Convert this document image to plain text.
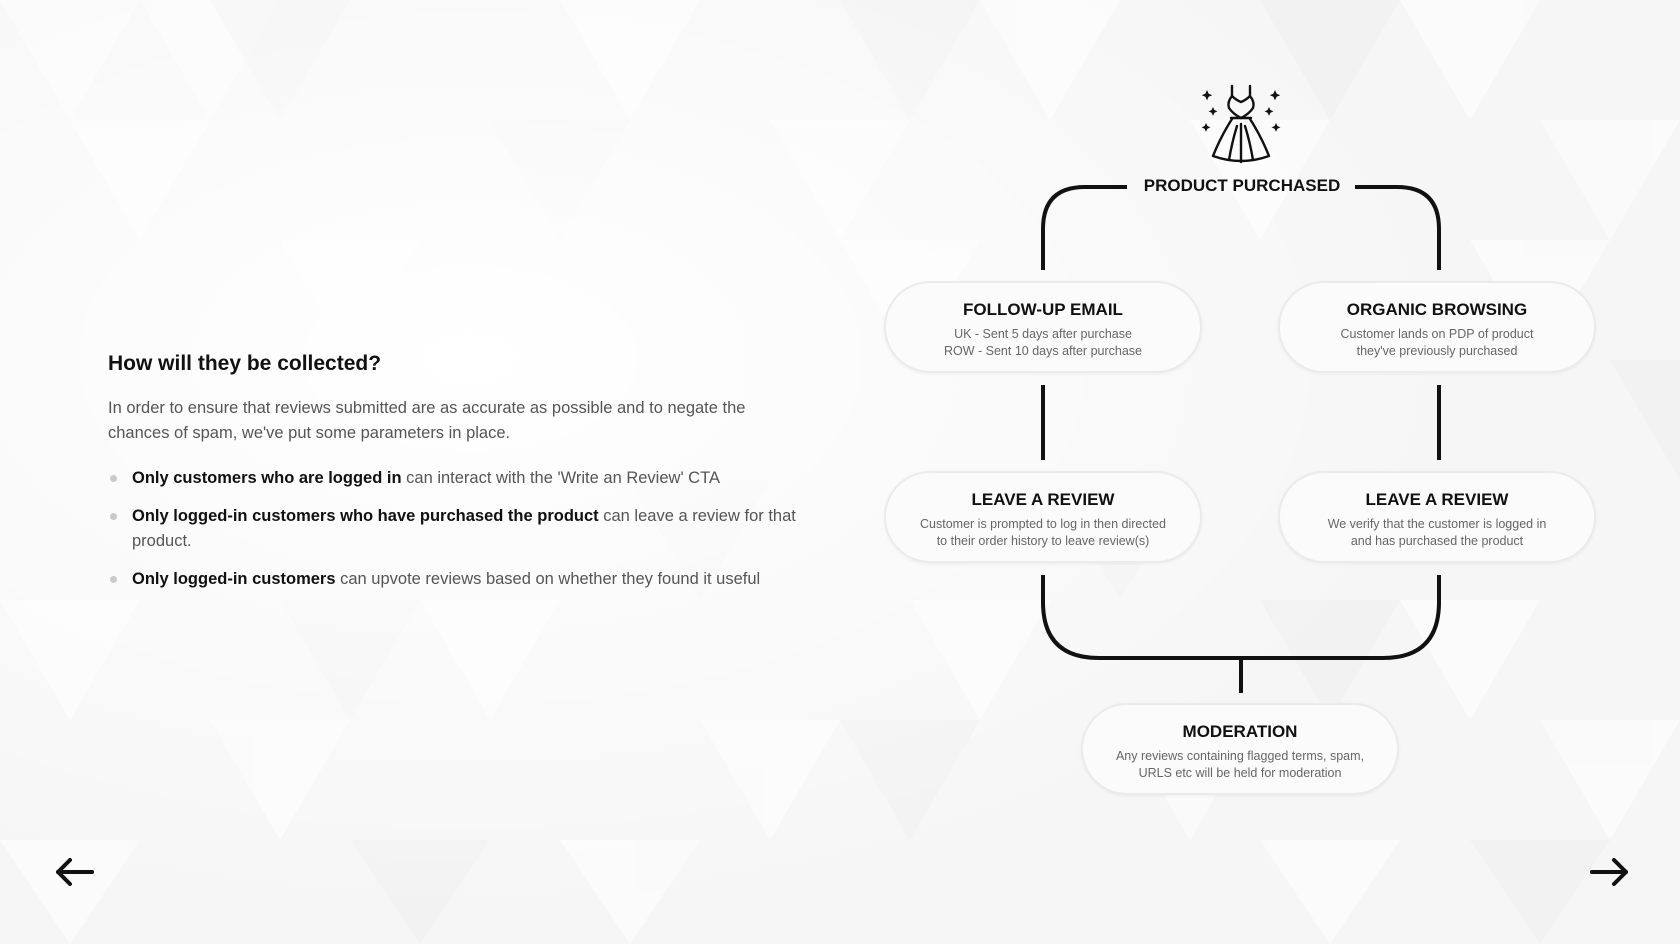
PRODUCT PURCHASED
How will they be collected?

In order to ensure that reviews submitted are as accurate as possible and to negate the chances of spam, we've put some parameters in place.

Only customers who are logged in can interact with the 'Write an Review' CTA
Only logged-in customers who have purchased the product can leave a review for that product.
Only logged-in customers can upvote reviews based on whether they found it useful
FOLLOW-UP EMAIL
UK - Sent 5 days after purchase
ROW - Sent 10 days after purchase
ORGANIC BROWSING
Customer lands on PDP of product
they've previously purchased
LEAVE A REVIEW
Customer is prompted to log in then directed
to their order history to leave review(s)
LEAVE A REVIEW
We verify that the customer is logged in
and has purchased the product
MODERATION
Any reviews containing flagged terms, spam,
URLS etc will be held for moderation
